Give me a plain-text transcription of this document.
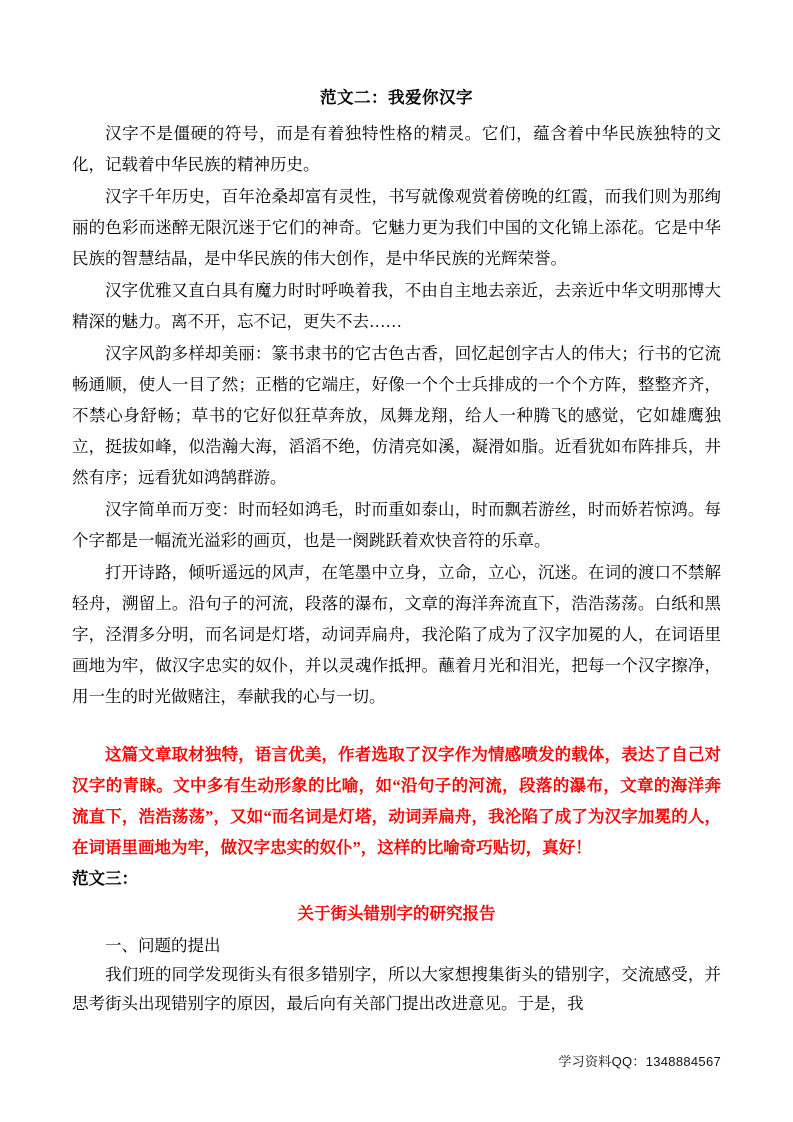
范文二：我爱你汉字

汉字不是僵硬的符号，而是有着独特性格的精灵。它们，蕴含着中华民族独特的文化，记载着中华民族的精神历史。

汉字千年历史，百年沧桑却富有灵性，书写就像观赏着傍晚的红霞，而我们则为那绚丽的色彩而迷醉无限沉迷于它们的神奇。它魅力更为我们中国的文化锦上添花。它是中华民族的智慧结晶，是中华民族的伟大创作，是中华民族的光辉荣誉。

汉字优雅又直白具有魔力时时呼唤着我，不由自主地去亲近，去亲近中华文明那博大精深的魅力。离不开，忘不记，更失不去……

汉字风韵多样却美丽：篆书隶书的它古色古香，回忆起创字古人的伟大；行书的它流畅通顺，使人一目了然；正楷的它端庄，好像一个个士兵排成的一个个方阵，整整齐齐，不禁心身舒畅；草书的它好似狂草奔放，凤舞龙翔，给人一种腾飞的感觉，它如雄鹰独立，挺拔如峰，似浩瀚大海，滔滔不绝，仿清亮如溪，凝滑如脂。近看犹如布阵排兵，井然有序；远看犹如鸿鹄群游。

汉字简单而万变：时而轻如鸿毛，时而重如泰山，时而飘若游丝，时而娇若惊鸿。每个字都是一幅流光溢彩的画页，也是一阕跳跃着欢快音符的乐章。

打开诗路，倾听遥远的风声，在笔墨中立身，立命，立心，沉迷。在词的渡口不禁解轻舟，溯留上。沿句子的河流，段落的瀑布，文章的海洋奔流直下，浩浩荡荡。白纸和黑字，泾渭多分明，而名词是灯塔，动词弄扁舟，我沦陷了成为了汉字加冕的人，在词语里画地为牢，做汉字忠实的奴仆，并以灵魂作抵押。蘸着月光和泪光，把每一个汉字擦净，用一生的时光做赌注，奉献我的心与一切。

这篇文章取材独特，语言优美，作者选取了汉字作为情感喷发的载体，表达了自己对汉字的青睐。文中多有生动形象的比喻，如“沿句子的河流，段落的瀑布，文章的海洋奔流直下，浩浩荡荡”，又如“而名词是灯塔，动词弄扁舟，我沦陷了成了为汉字加冕的人，在词语里画地为牢，做汉字忠实的奴仆”，这样的比喻奇巧贴切，真好！

范文三：

关于街头错别字的研究报告

一、问题的提出

我们班的同学发现街头有很多错别字，所以大家想搜集街头的错别字，交流感受，并思考街头出现错别字的原因，最后向有关部门提出改进意见。于是，我

学习资料QQ：1348884567
